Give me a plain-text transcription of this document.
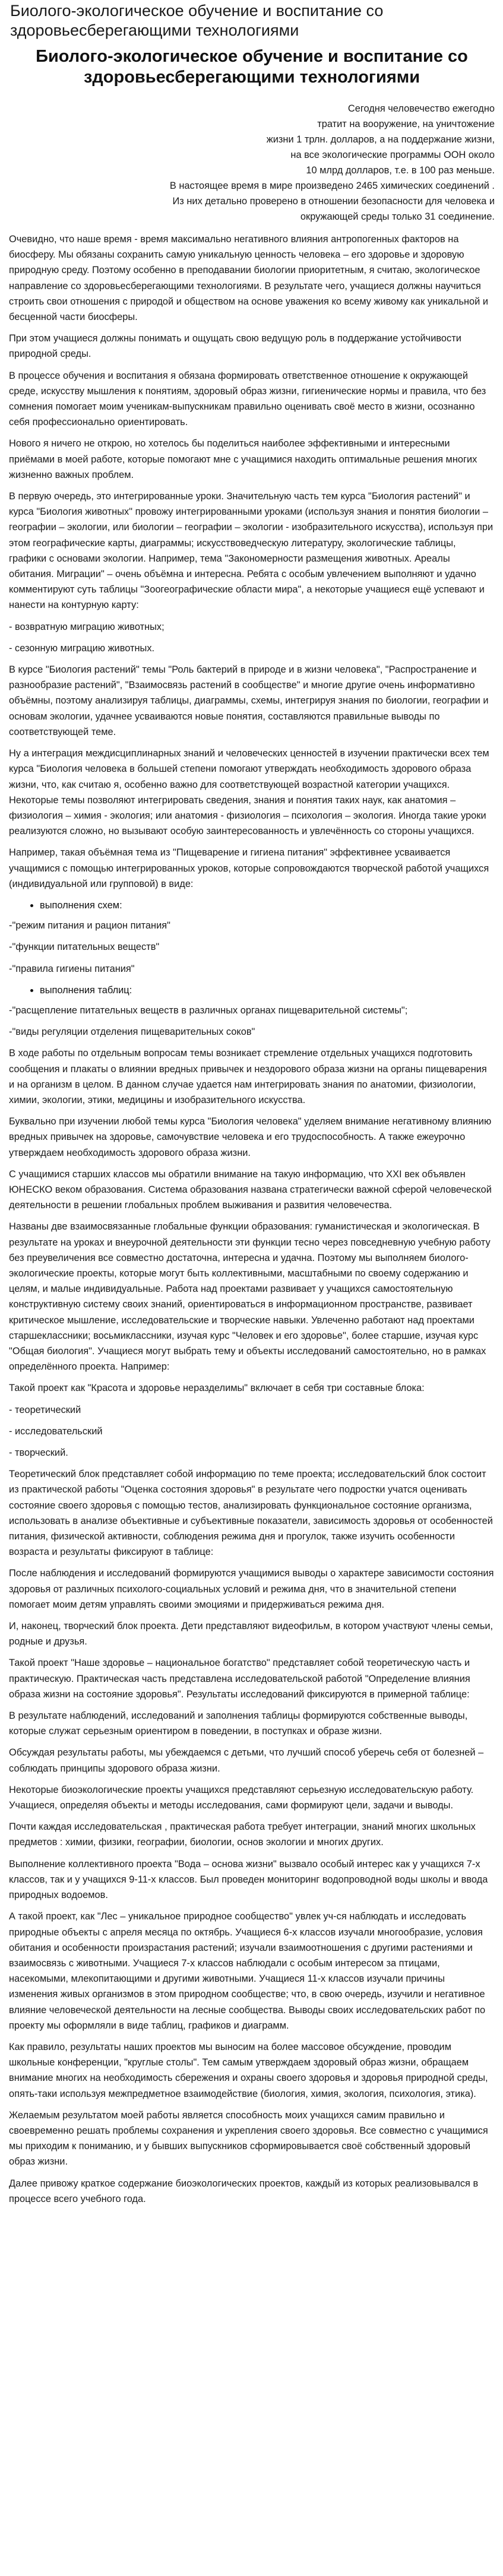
Биолого-экологическое обучение и воспитание со здоровьесберегающими технологиями
Биолого-экологическое обучение и воспитание со здоровьесберегающими технологиями
Сегодня человечество ежегодно
тратит на вооружение, на уничтожение
жизни 1 трлн. долларов, а на поддержание жизни,
на все экологические программы ООН около
10 млрд долларов, т.е. в 100 раз меньше.
В настоящее время в мире произведено 2465 химических соединений .
Из них детально проверено в отношении безопасности для человека и
окружающей среды только 31 соединение.

Очевидно, что наше время - время максимально негативного влияния антропогенных факторов на биосферу. Мы обязаны сохранить самую уникальную ценность человека – его здоровье и здоровую природную среду. Поэтому особенно в преподавании биологии приоритетным, я считаю, экологическое направление со здоровьесберегающими технологиями. В результате чего, учащиеся должны научиться строить свои отношения с природой и обществом на основе уважения ко всему живому как уникальной и бесценной части биосферы.

При этом учащиеся должны понимать и ощущать свою ведущую роль в поддержание устойчивости природной среды.

В процессе обучения и воспитания я обязана формировать ответственное отношение к окружающей среде, искусству мышления к понятиям, здоровый образ жизни, гигиенические нормы и правила, что без сомнения помогает моим ученикам-выпускникам правильно оценивать своё место в жизни, осознанно себя профессионально ориентировать.

Нового я ничего не открою, но хотелось бы поделиться наиболее эффективными и интересными приёмами в моей работе, которые помогают мне с учащимися находить оптимальные решения многих жизненно важных проблем.

В первую очередь, это интегрированные уроки. Значительную часть тем курса "Биология растений" и курса "Биология животных" провожу интегрированными уроками (используя знания и понятия биологии – географии – экологии, или биологии – географии – экологии - изобразительного искусства), используя при этом географические карты, диаграммы; искусствоведческую литературу, экологические таблицы, графики с основами экологии. Например, тема "Закономерности размещения животных. Ареалы обитания. Миграции" – очень объёмна и интересна. Ребята с особым увлечением выполняют и удачно комментируют суть таблицы "Зоогеографические области мира", а некоторые учащиеся ещё успевают и нанести на контурную карту:

- возвратную миграцию животных;

- сезонную миграцию животных.

В курсе "Биология растений" темы "Роль бактерий в природе и в жизни человека", "Распространение и разнообразие растений", "Взаимосвязь растений в сообществе" и многие другие очень информативно объёмны, поэтому анализируя таблицы, диаграммы, схемы, интегрируя знания по биологии, географии и основам экологии, удачнее усваиваются новые понятия, составляются правильные выводы по соответствующей теме.

Ну а интеграция междисциплинарных знаний и человеческих ценностей в изучении практически всех тем курса "Биология человека в большей степени помогают утверждать необходимость здорового образа жизни, что, как считаю я, особенно важно для соответствующей возрастной категории учащихся. Некоторые темы позволяют интегрировать сведения, знания и понятия таких наук, как анатомия – физиология – химия - экология; или анатомия - физиология – психология – экология. Иногда такие уроки реализуются сложно, но вызывают особую заинтересованность и увлечённость со стороны учащихся.

Например, такая объёмная тема из "Пищеварение и гигиена питания" эффективнее усваивается учащимися с помощью интегрированных уроков, которые сопровождаются творческой работой учащихся (индивидуальной или групповой) в виде:

• выполнения схем:

-"режим питания и рацион питания"

-"функции питательных веществ"

-"правила гигиены питания"

• выполнения таблиц:

-"расщепление питательных веществ в различных органах пищеварительной системы";

-"виды регуляции отделения пищеварительных соков"

В ходе работы по отдельным вопросам темы возникает стремление отдельных учащихся подготовить сообщения и плакаты о влиянии вредных привычек и нездорового образа жизни на органы пищеварения и на организм в целом. В данном случае удается нам интегрировать знания по анатомии, физиологии, химии, экологии, этики, медицины и изобразительного искусства.

Буквально при изучении любой темы курса "Биология человека" уделяем внимание негативному влиянию вредных привычек на здоровье, самочувствие человека и его трудоспособность. А также ежеурочно утверждаем необходимость здорового образа жизни.

С учащимися старших классов мы обратили внимание на такую информацию, что XXI век объявлен ЮНЕСКО веком образования. Система образования названа стратегически важной сферой человеческой деятельности в решении глобальных проблем выживания и развития человечества.

Названы две взаимосвязанные глобальные функции образования: гуманистическая и экологическая. В результате на уроках и внеурочной деятельности эти функции тесно через повседневную учебную работу без преувеличения все совместно достаточна, интересна и удачна. Поэтому мы выполняем биолого-экологические проекты, которые могут быть коллективными, масштабными по своему содержанию и целям, и малые индивидуальные. Работа над проектами развивает у учащихся самостоятельную конструктивную систему своих знаний, ориентироваться в информационном пространстве, развивает критическое мышление, исследовательские и творческие навыки. Увлеченно работают над проектами старшеклассники; восьмиклассники, изучая курс "Человек и его здоровье", более старшие, изучая курс "Общая биология". Учащиеся могут выбрать тему и объекты исследований самостоятельно, но в рамках определённого проекта. Например:

Такой проект как "Красота и здоровье неразделимы" включает в себя три составные блока:

- теоретический

- исследовательский

- творческий.

Теоретический блок представляет собой информацию по теме проекта; исследовательский блок состоит из практической работы "Оценка состояния здоровья" в результате чего подростки учатся оценивать состояние своего здоровья с помощью тестов, анализировать функциональное состояние организма, использовать в анализе объективные и субъективные показатели, зависимость здоровья от особенностей питания, физической активности, соблюдения режима дня и прогулок, также изучить особенности возраста и результаты фиксируют в таблице:

После наблюдения и исследований формируются учащимися выводы о характере зависимости состояния здоровья от различных психолого-социальных условий и режима дня, что в значительной степени помогает моим детям управлять своими эмоциями и придерживаться режима дня.

И, наконец, творческий блок проекта. Дети представляют видеофильм, в котором участвуют члены семьи, родные и друзья.

Такой проект "Наше здоровье – национальное богатство" представляет собой теоретическую часть и практическую. Практическая часть представлена исследовательской работой "Определение влияния образа жизни на состояние здоровья". Результаты исследований фиксируются в примерной таблице:

В результате наблюдений, исследований и заполнения таблицы формируются собственные выводы, которые служат серьезным ориентиром в поведении, в поступках и образе жизни.

Обсуждая результаты работы, мы убеждаемся с детьми, что лучший способ уберечь себя от болезней – соблюдать принципы здорового образа жизни.

Некоторые биоэкологические проекты учащихся представляют серьезную исследовательскую работу. Учащиеся, определяя объекты и методы исследования, сами формируют цели, задачи и выводы.

Почти каждая исследовательская , практическая работа требует интеграции, знаний многих школьных предметов : химии, физики, географии, биологии, основ экологии и многих других.

Выполнение коллективного проекта "Вода – основа жизни" вызвало особый интерес как у учащихся 7-х классов, так и у учащихся 9-11-х классов. Был проведен мониторинг водопроводной воды школы и ввода природных водоемов.

А такой проект, как "Лес – уникальное природное сообщество" увлек уч-ся наблюдать и исследовать природные объекты с апреля месяца по октябрь. Учащиеся 6-х классов изучали многообразие, условия обитания и особенности произрастания растений; изучали взаимоотношения с другими растениями и взаимосвязь с животными. Учащиеся 7-х классов наблюдали с особым интересом за птицами, насекомыми, млекопитающими и другими животными. Учащиеся 11-х классов изучали причины изменения живых организмов в этом природном сообществе; что, в свою очередь, изучили и негативное влияние человеческой деятельности на лесные сообщества. Выводы своих исследовательских работ по проекту мы оформляли в виде таблиц, графиков и диаграмм.

Как правило, результаты наших проектов мы выносим на более массовое обсуждение, проводим школьные конференции, "круглые столы". Тем самым утверждаем здоровый образ жизни, обращаем внимание многих на необходимость сбережения и охраны своего здоровья и здоровья природной среды, опять-таки используя межпредметное взаимодействие (биология, химия, экология, психология, этика).

Желаемым результатом моей работы является способность моих учащихся самим правильно и своевременно решать проблемы сохранения и укрепления своего здоровья. Все совместно с учащимися мы приходим к пониманию, и у бывших выпускников сформировывается своё собственный здоровый образ жизни.

Далее привожу краткое содержание биоэкологических проектов, каждый из которых реализовывался в процессе всего учебного года.
